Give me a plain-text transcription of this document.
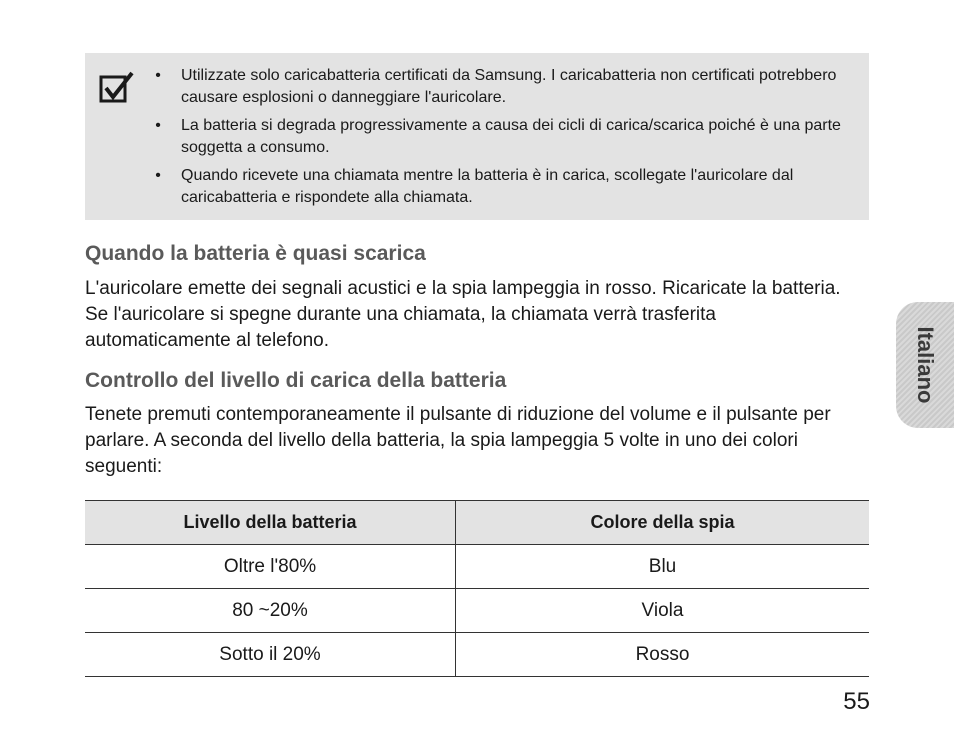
• Utilizzate solo caricabatteria certificati da Samsung. I caricabatteria non certificati potrebbero causare esplosioni o danneggiare l'auricolare.
• La batteria si degrada progressivamente a causa dei cicli di carica/scarica poiché è una parte soggetta a consumo.
• Quando ricevete una chiamata mentre la batteria è in carica, scollegate l'auricolare dal caricabatteria e rispondete alla chiamata.
Quando la batteria è quasi scarica

L'auricolare emette dei segnali acustici e la spia lampeggia in rosso. Ricaricate la batteria. Se l'auricolare si spegne durante una chiamata, la chiamata verrà trasferita automaticamente al telefono.

Controllo del livello di carica della batteria

Tenete premuti contemporaneamente il pulsante di riduzione del volume e il pulsante per parlare. A seconda del livello della batteria, la spia lampeggia 5 volte in uno dei colori seguenti:

Livello della batteria	Colore della spia
Oltre l'80%	Blu
80 ~20%	Viola
Sotto il 20%	Rosso
Italiano
55
